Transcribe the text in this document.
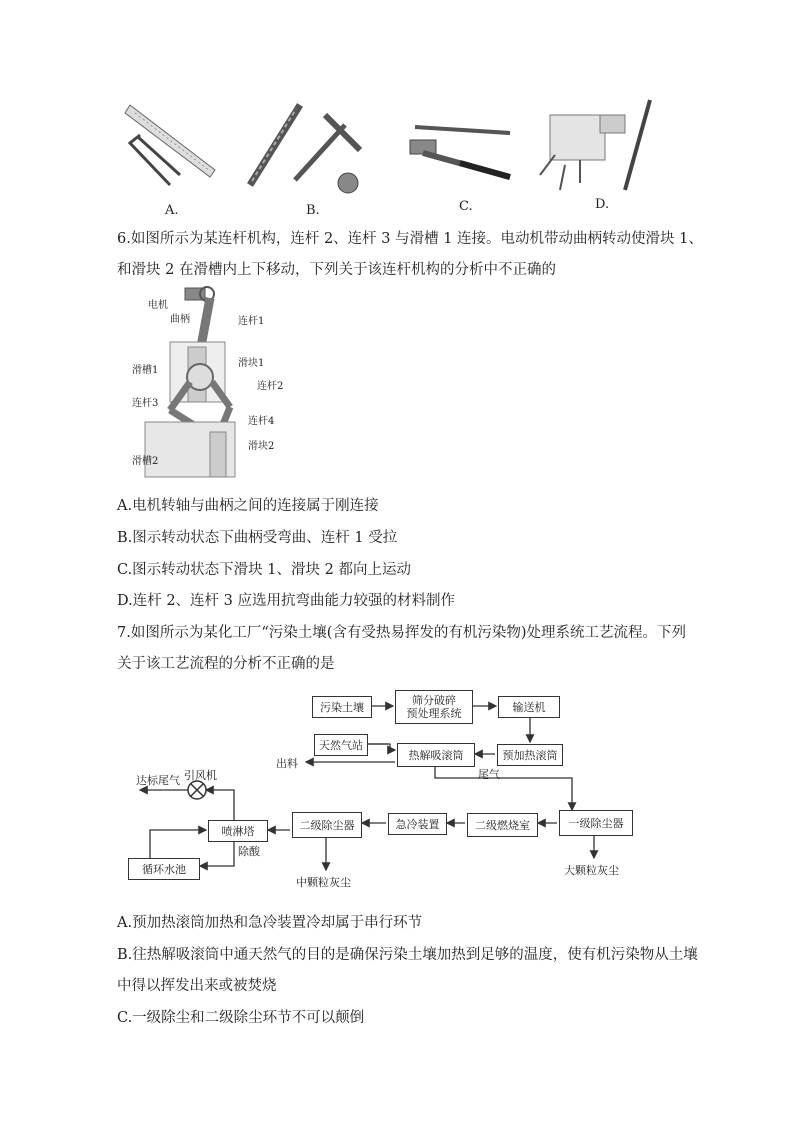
A.	B.	C.	D.
6.如图所示为某连杆机构，连杆 2、连杆 3 与滑槽 1 连接。电动机带动曲柄转动使滑块 1、
和滑块 2 在滑槽内上下移动，下列关于该连杆机构的分析中不正确的
电机
曲柄	连杆1
滑槽1
滑块1
连杆2
连杆3
连杆4
滑槽2
滑块2
A.电机转轴与曲柄之间的连接属于刚连接
B.图示转动状态下曲柄受弯曲、连杆 1 受拉
C.图示转动状态下滑块 1、滑块 2 都向上运动
D.连杆 2、连杆 3 应选用抗弯曲能力较强的材料制作
7.如图所示为某化工厂“污染土壤(含有受热易挥发的有机污染物)处理系统工艺流程。下列
关于该工艺流程的分析不正确的是
污染土壤	筛分破碎
预处理系统	输送机
天然气站
热解吸滚筒	预加热滚筒
喷淋塔	二级除尘器	急冷装置	二级燃烧室	一级除尘器
循环水池
出料
尾气
引风机
达标尾气
除酸
中颗粒灰尘
大颗粒灰尘
A.预加热滚筒加热和急冷装置冷却属于串行环节
B.往热解吸滚筒中通天然气的目的是确保污染土壤加热到足够的温度，使有机污染物从土壤
中得以挥发出来或被焚烧
C.一级除尘和二级除尘环节不可以颠倒
